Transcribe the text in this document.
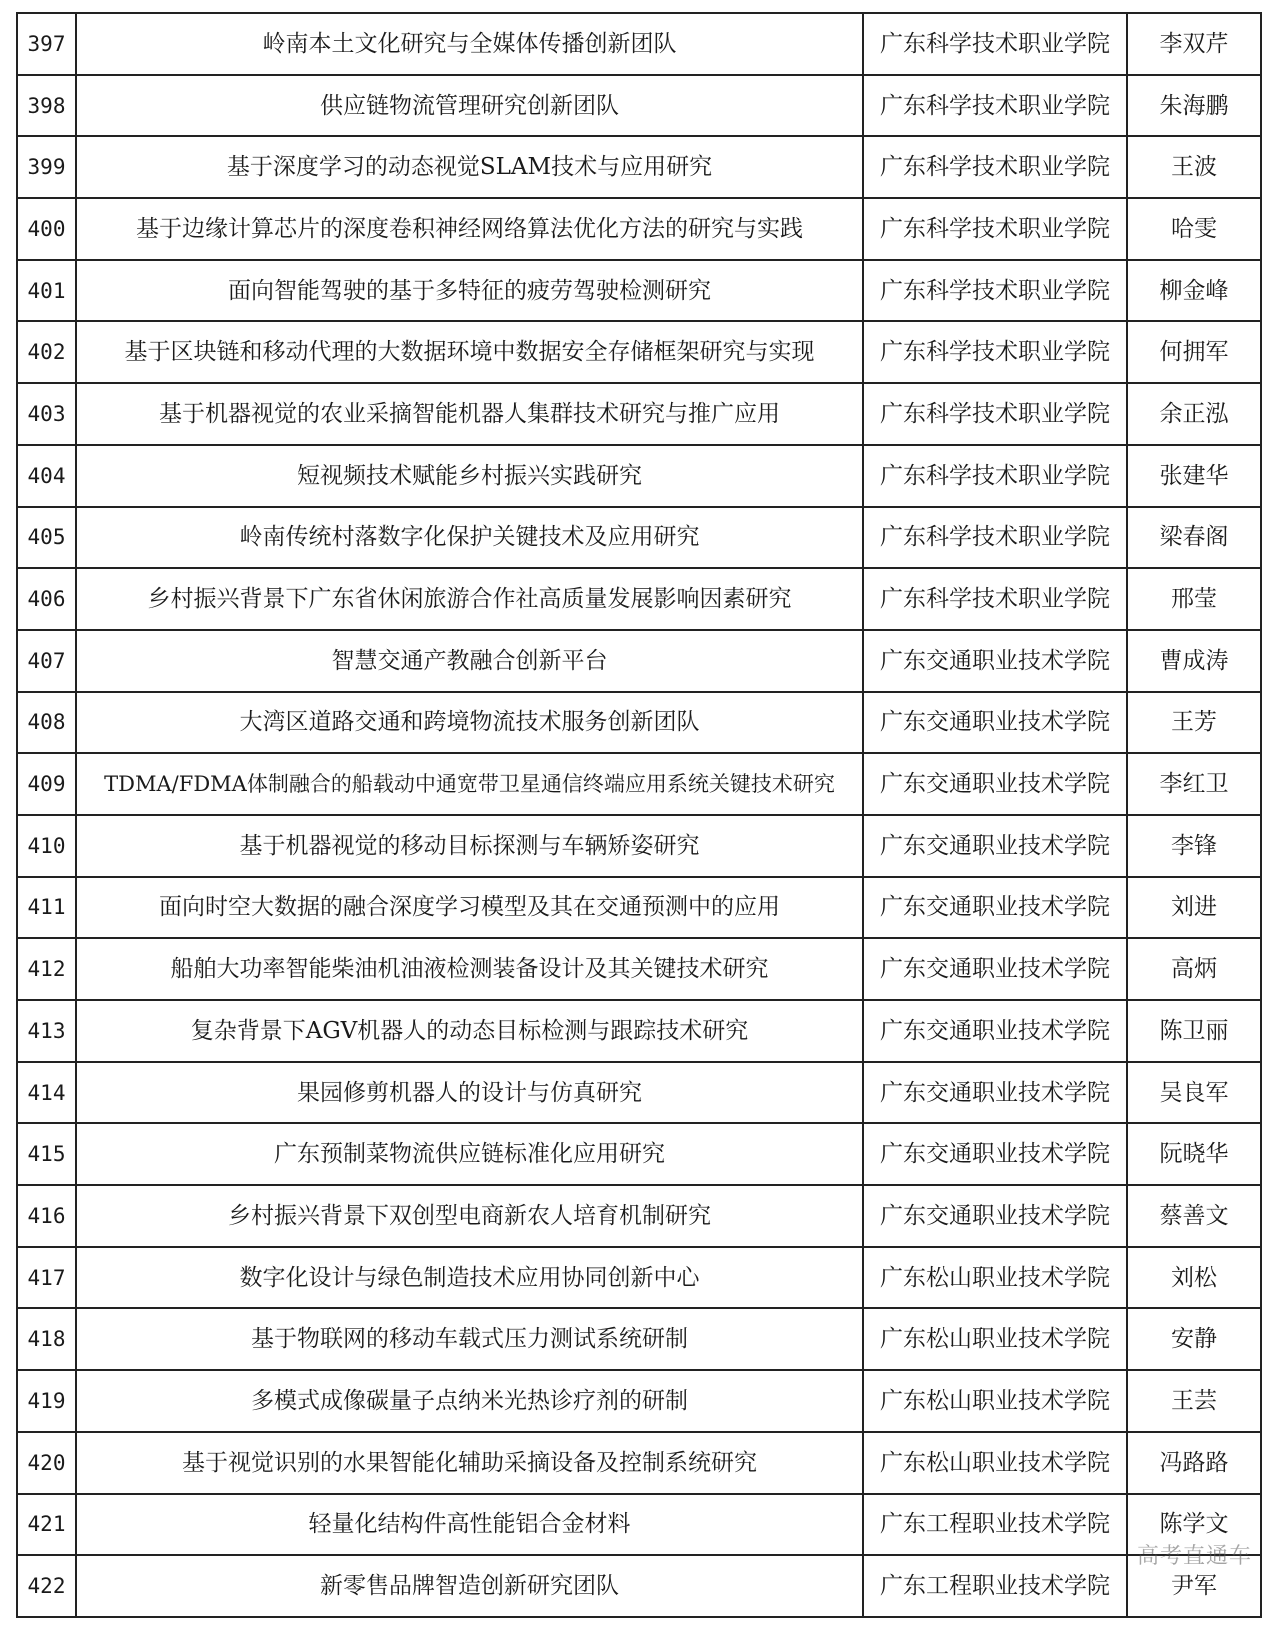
397	岭南本土文化研究与全媒体传播创新团队	广东科学技术职业学院	李双芹
398	供应链物流管理研究创新团队	广东科学技术职业学院	朱海鹏
399	基于深度学习的动态视觉SLAM技术与应用研究	广东科学技术职业学院	王波
400	基于边缘计算芯片的深度卷积神经网络算法优化方法的研究与实践	广东科学技术职业学院	哈雯
401	面向智能驾驶的基于多特征的疲劳驾驶检测研究	广东科学技术职业学院	柳金峰
402	基于区块链和移动代理的大数据环境中数据安全存储框架研究与实现	广东科学技术职业学院	何拥军
403	基于机器视觉的农业采摘智能机器人集群技术研究与推广应用	广东科学技术职业学院	余正泓
404	短视频技术赋能乡村振兴实践研究	广东科学技术职业学院	张建华
405	岭南传统村落数字化保护关键技术及应用研究	广东科学技术职业学院	梁春阁
406	乡村振兴背景下广东省休闲旅游合作社高质量发展影响因素研究	广东科学技术职业学院	邢莹
407	智慧交通产教融合创新平台	广东交通职业技术学院	曹成涛
408	大湾区道路交通和跨境物流技术服务创新团队	广东交通职业技术学院	王芳
409	TDMA/FDMA体制融合的船载动中通宽带卫星通信终端应用系统关键技术研究	广东交通职业技术学院	李红卫
410	基于机器视觉的移动目标探测与车辆矫姿研究	广东交通职业技术学院	李锋
411	面向时空大数据的融合深度学习模型及其在交通预测中的应用	广东交通职业技术学院	刘进
412	船舶大功率智能柴油机油液检测装备设计及其关键技术研究	广东交通职业技术学院	高炳
413	复杂背景下AGV机器人的动态目标检测与跟踪技术研究	广东交通职业技术学院	陈卫丽
414	果园修剪机器人的设计与仿真研究	广东交通职业技术学院	吴良军
415	广东预制菜物流供应链标准化应用研究	广东交通职业技术学院	阮晓华
416	乡村振兴背景下双创型电商新农人培育机制研究	广东交通职业技术学院	蔡善文
417	数字化设计与绿色制造技术应用协同创新中心	广东松山职业技术学院	刘松
418	基于物联网的移动车载式压力测试系统研制	广东松山职业技术学院	安静
419	多模式成像碳量子点纳米光热诊疗剂的研制	广东松山职业技术学院	王芸
420	基于视觉识别的水果智能化辅助采摘设备及控制系统研究	广东松山职业技术学院	冯路路
421	轻量化结构件高性能铝合金材料	广东工程职业技术学院	陈学文
422	新零售品牌智造创新研究团队	广东工程职业技术学院	尹军
高考直通车
